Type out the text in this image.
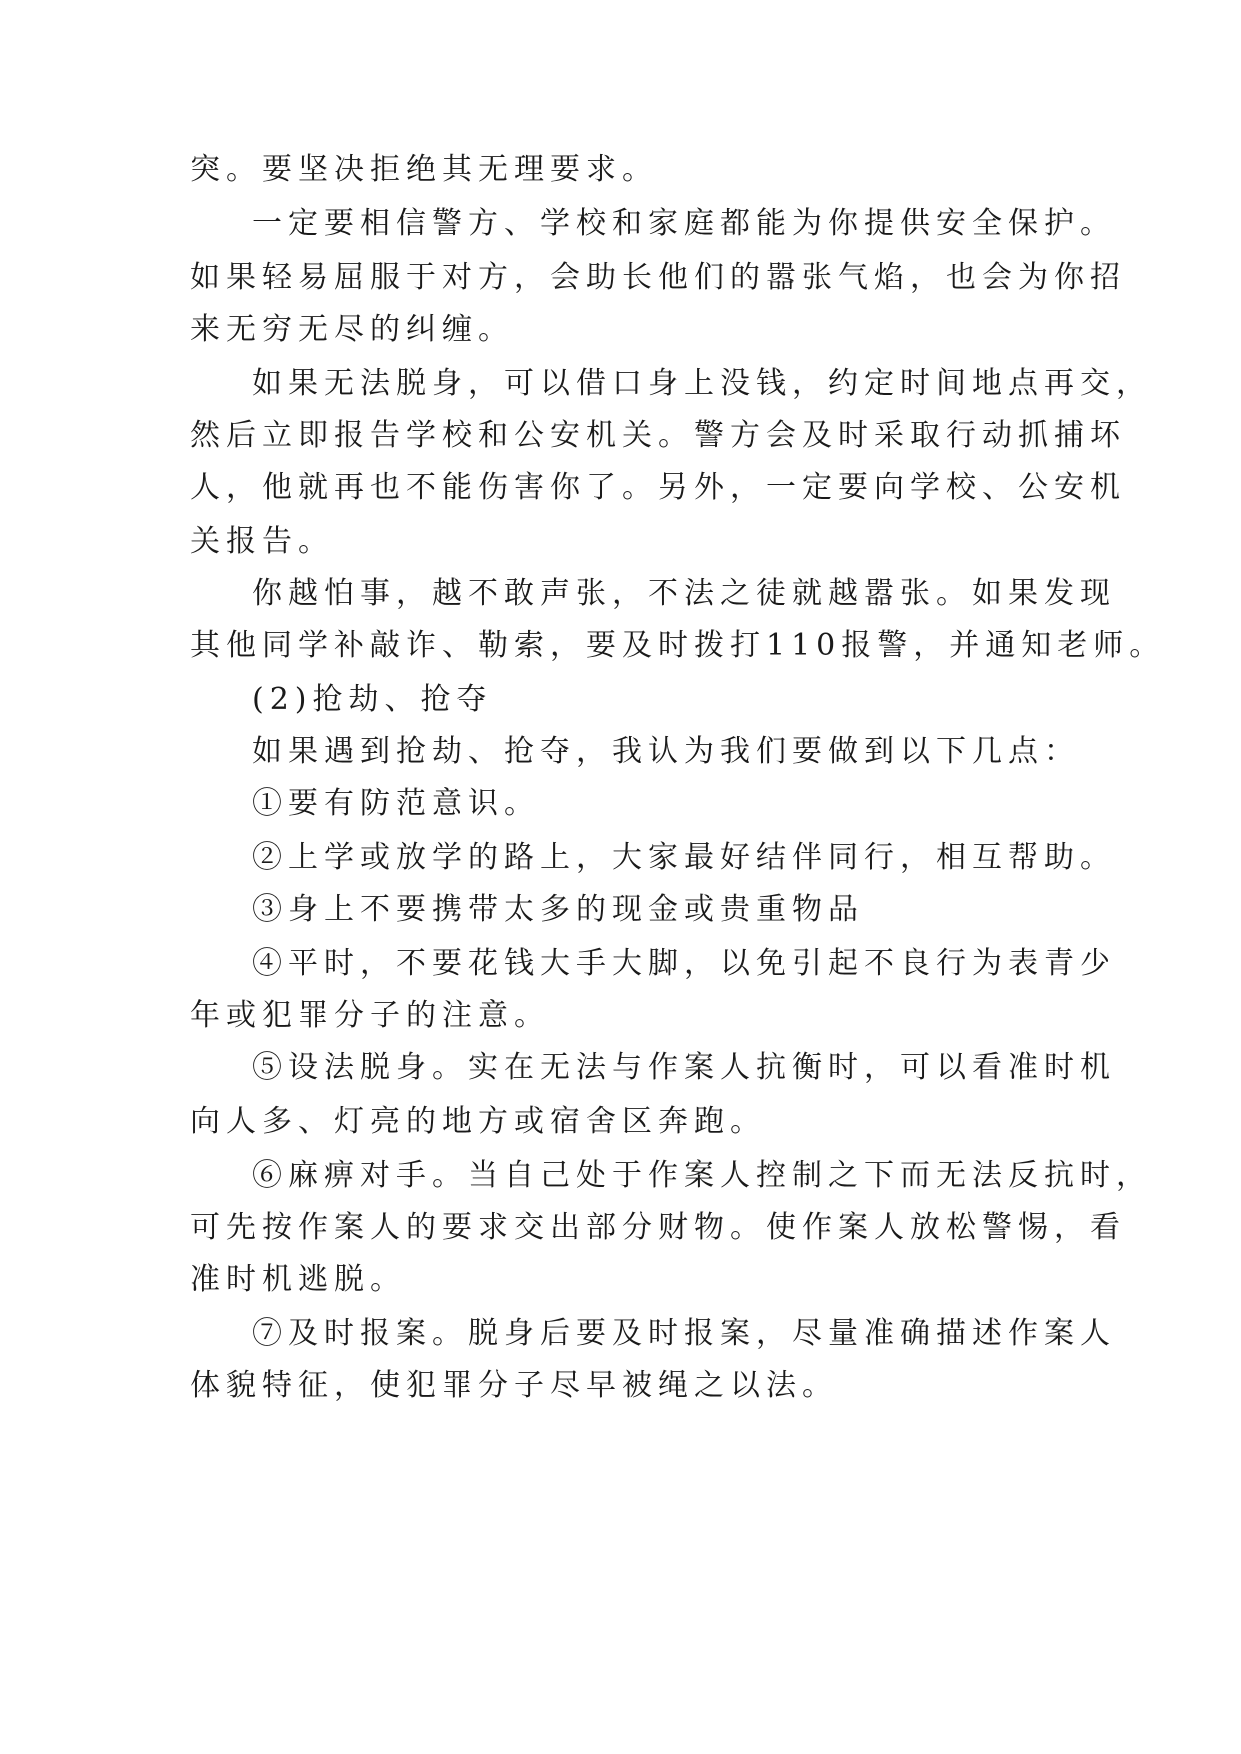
突。要坚决拒绝其无理要求。
一定要相信警方、学校和家庭都能为你提供安全保护。
如果轻易屈服于对方，会助长他们的嚣张气焰，也会为你招
来无穷无尽的纠缠。
如果无法脱身，可以借口身上没钱，约定时间地点再交，
然后立即报告学校和公安机关。警方会及时采取行动抓捕坏
人，他就再也不能伤害你了。另外，一定要向学校、公安机
关报告。
你越怕事，越不敢声张，不法之徒就越嚣张。如果发现
其他同学补敲诈、勒索，要及时拨打110报警，并通知老师。
(2)抢劫、抢夺
如果遇到抢劫、抢夺，我认为我们要做到以下几点：
①要有防范意识。
②上学或放学的路上，大家最好结伴同行，相互帮助。
③身上不要携带太多的现金或贵重物品
④平时，不要花钱大手大脚，以免引起不良行为表青少
年或犯罪分子的注意。
⑤设法脱身。实在无法与作案人抗衡时，可以看准时机
向人多、灯亮的地方或宿舍区奔跑。
⑥麻痹对手。当自己处于作案人控制之下而无法反抗时，
可先按作案人的要求交出部分财物。使作案人放松警惕，看
准时机逃脱。
⑦及时报案。脱身后要及时报案，尽量准确描述作案人
体貌特征，使犯罪分子尽早被绳之以法。
